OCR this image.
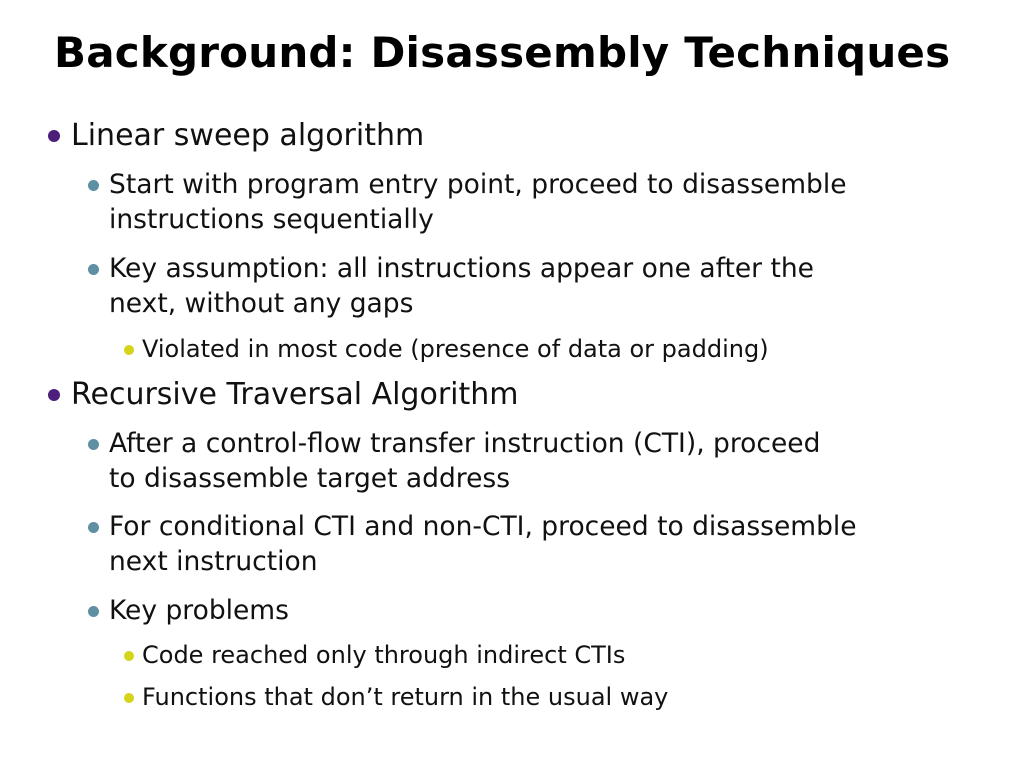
Background: Disassembly Techniques
Linear sweep algorithm
Start with program entry point, proceed to disassemble
instructions sequentially
Key assumption: all instructions appear one after the
next, without any gaps
Violated in most code (presence of data or padding)
Recursive Traversal Algorithm
After a control-flow transfer instruction (CTI), proceed
to disassemble target address
For conditional CTI and non-CTI, proceed to disassemble
next instruction
Key problems
Code reached only through indirect CTIs
Functions that don’t return in the usual way
